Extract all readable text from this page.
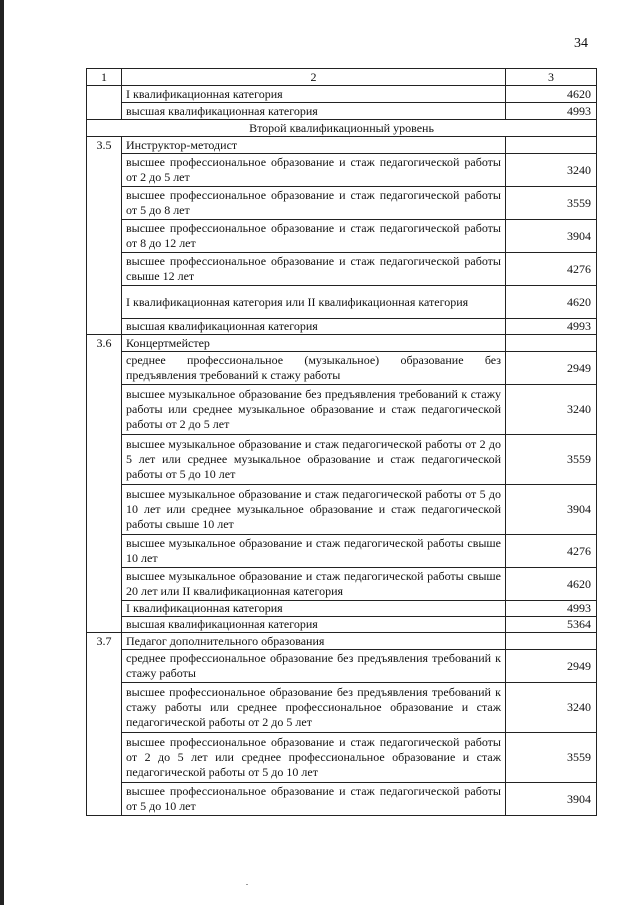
34
1	2	3
	I квалификационная категория	4620
	высшая квалификационная категория	4993
Второй квалификационный уровень		
3.5	Инструктор-методист	
	высшее профессиональное образование и стаж педагогической работы от 2 до 5 лет	3240
	высшее профессиональное образование и стаж педагогической работы от 5 до 8 лет	3559
	высшее профессиональное образование и стаж педагогической работы от 8 до 12 лет	3904
	высшее профессиональное образование и стаж педагогической работы свыше 12 лет	4276
	I квалификационная категория или II квалификационная категория	4620
	высшая квалификационная категория	4993
3.6	Концертмейстер	
	среднее профессиональное (музыкальное) образование без предъявления требований к стажу работы	2949
	высшее музыкальное образование без предъявления требований к стажу работы или среднее музыкальное образование и стаж педагогической работы от 2 до 5 лет	3240
	высшее музыкальное образование и стаж педагогической работы от 2 до 5 лет или среднее музыкальное образование и стаж педагогической работы от 5 до 10 лет	3559
	высшее музыкальное образование и стаж педагогической работы от 5 до 10 лет или среднее музыкальное образование и стаж педагогической работы свыше 10 лет	3904
	высшее музыкальное образование и стаж педагогической работы свыше 10 лет	4276
	высшее музыкальное образование и стаж педагогической работы свыше 20 лет или II квалификационная категория	4620
	I квалификационная категория	4993
	высшая квалификационная категория	5364
3.7	Педагог дополнительного образования	
	среднее профессиональное образование без предъявления требований к стажу работы	2949
	высшее профессиональное образование без предъявления требований к стажу работы или среднее профессиональное образование и стаж педагогической работы от 2 до 5 лет	3240
	высшее профессиональное образование и стаж педагогической работы от 2 до 5 лет или среднее профессиональное образование и стаж педагогической работы от 5 до 10 лет	3559
	высшее профессиональное образование и стаж педагогической работы от 5 до 10 лет	3904
